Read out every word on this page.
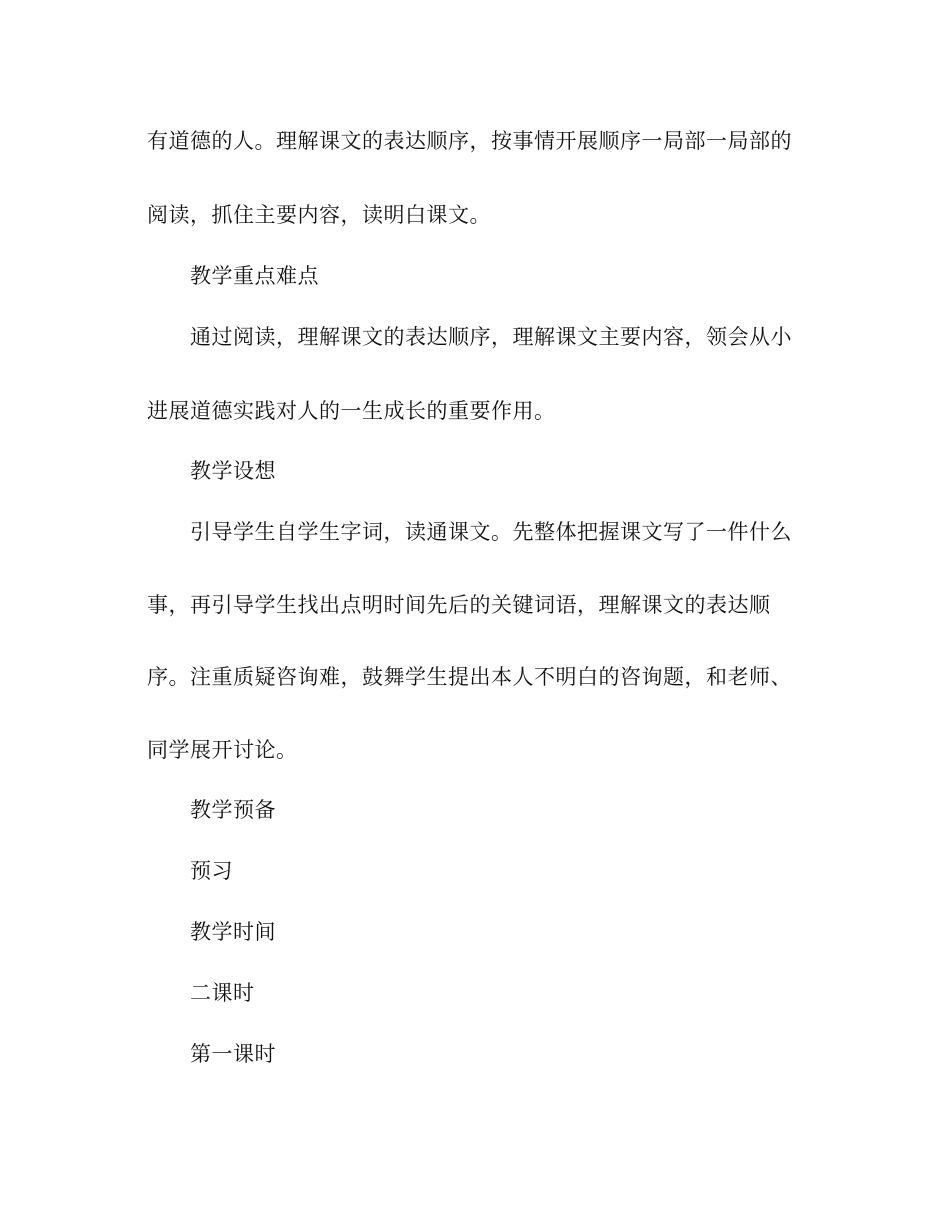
有道德的人。理解课文的表达顺序，按事情开展顺序一局部一局部的
阅读，抓住主要内容，读明白课文。
教学重点难点
通过阅读，理解课文的表达顺序，理解课文主要内容，领会从小
进展道德实践对人的一生成长的重要作用。
教学设想
引导学生自学生字词，读通课文。先整体把握课文写了一件什么
事，再引导学生找出点明时间先后的关键词语，理解课文的表达顺
序。注重质疑咨询难，鼓舞学生提出本人不明白的咨询题，和老师、
同学展开讨论。
教学预备
预习
教学时间
二课时
第一课时
